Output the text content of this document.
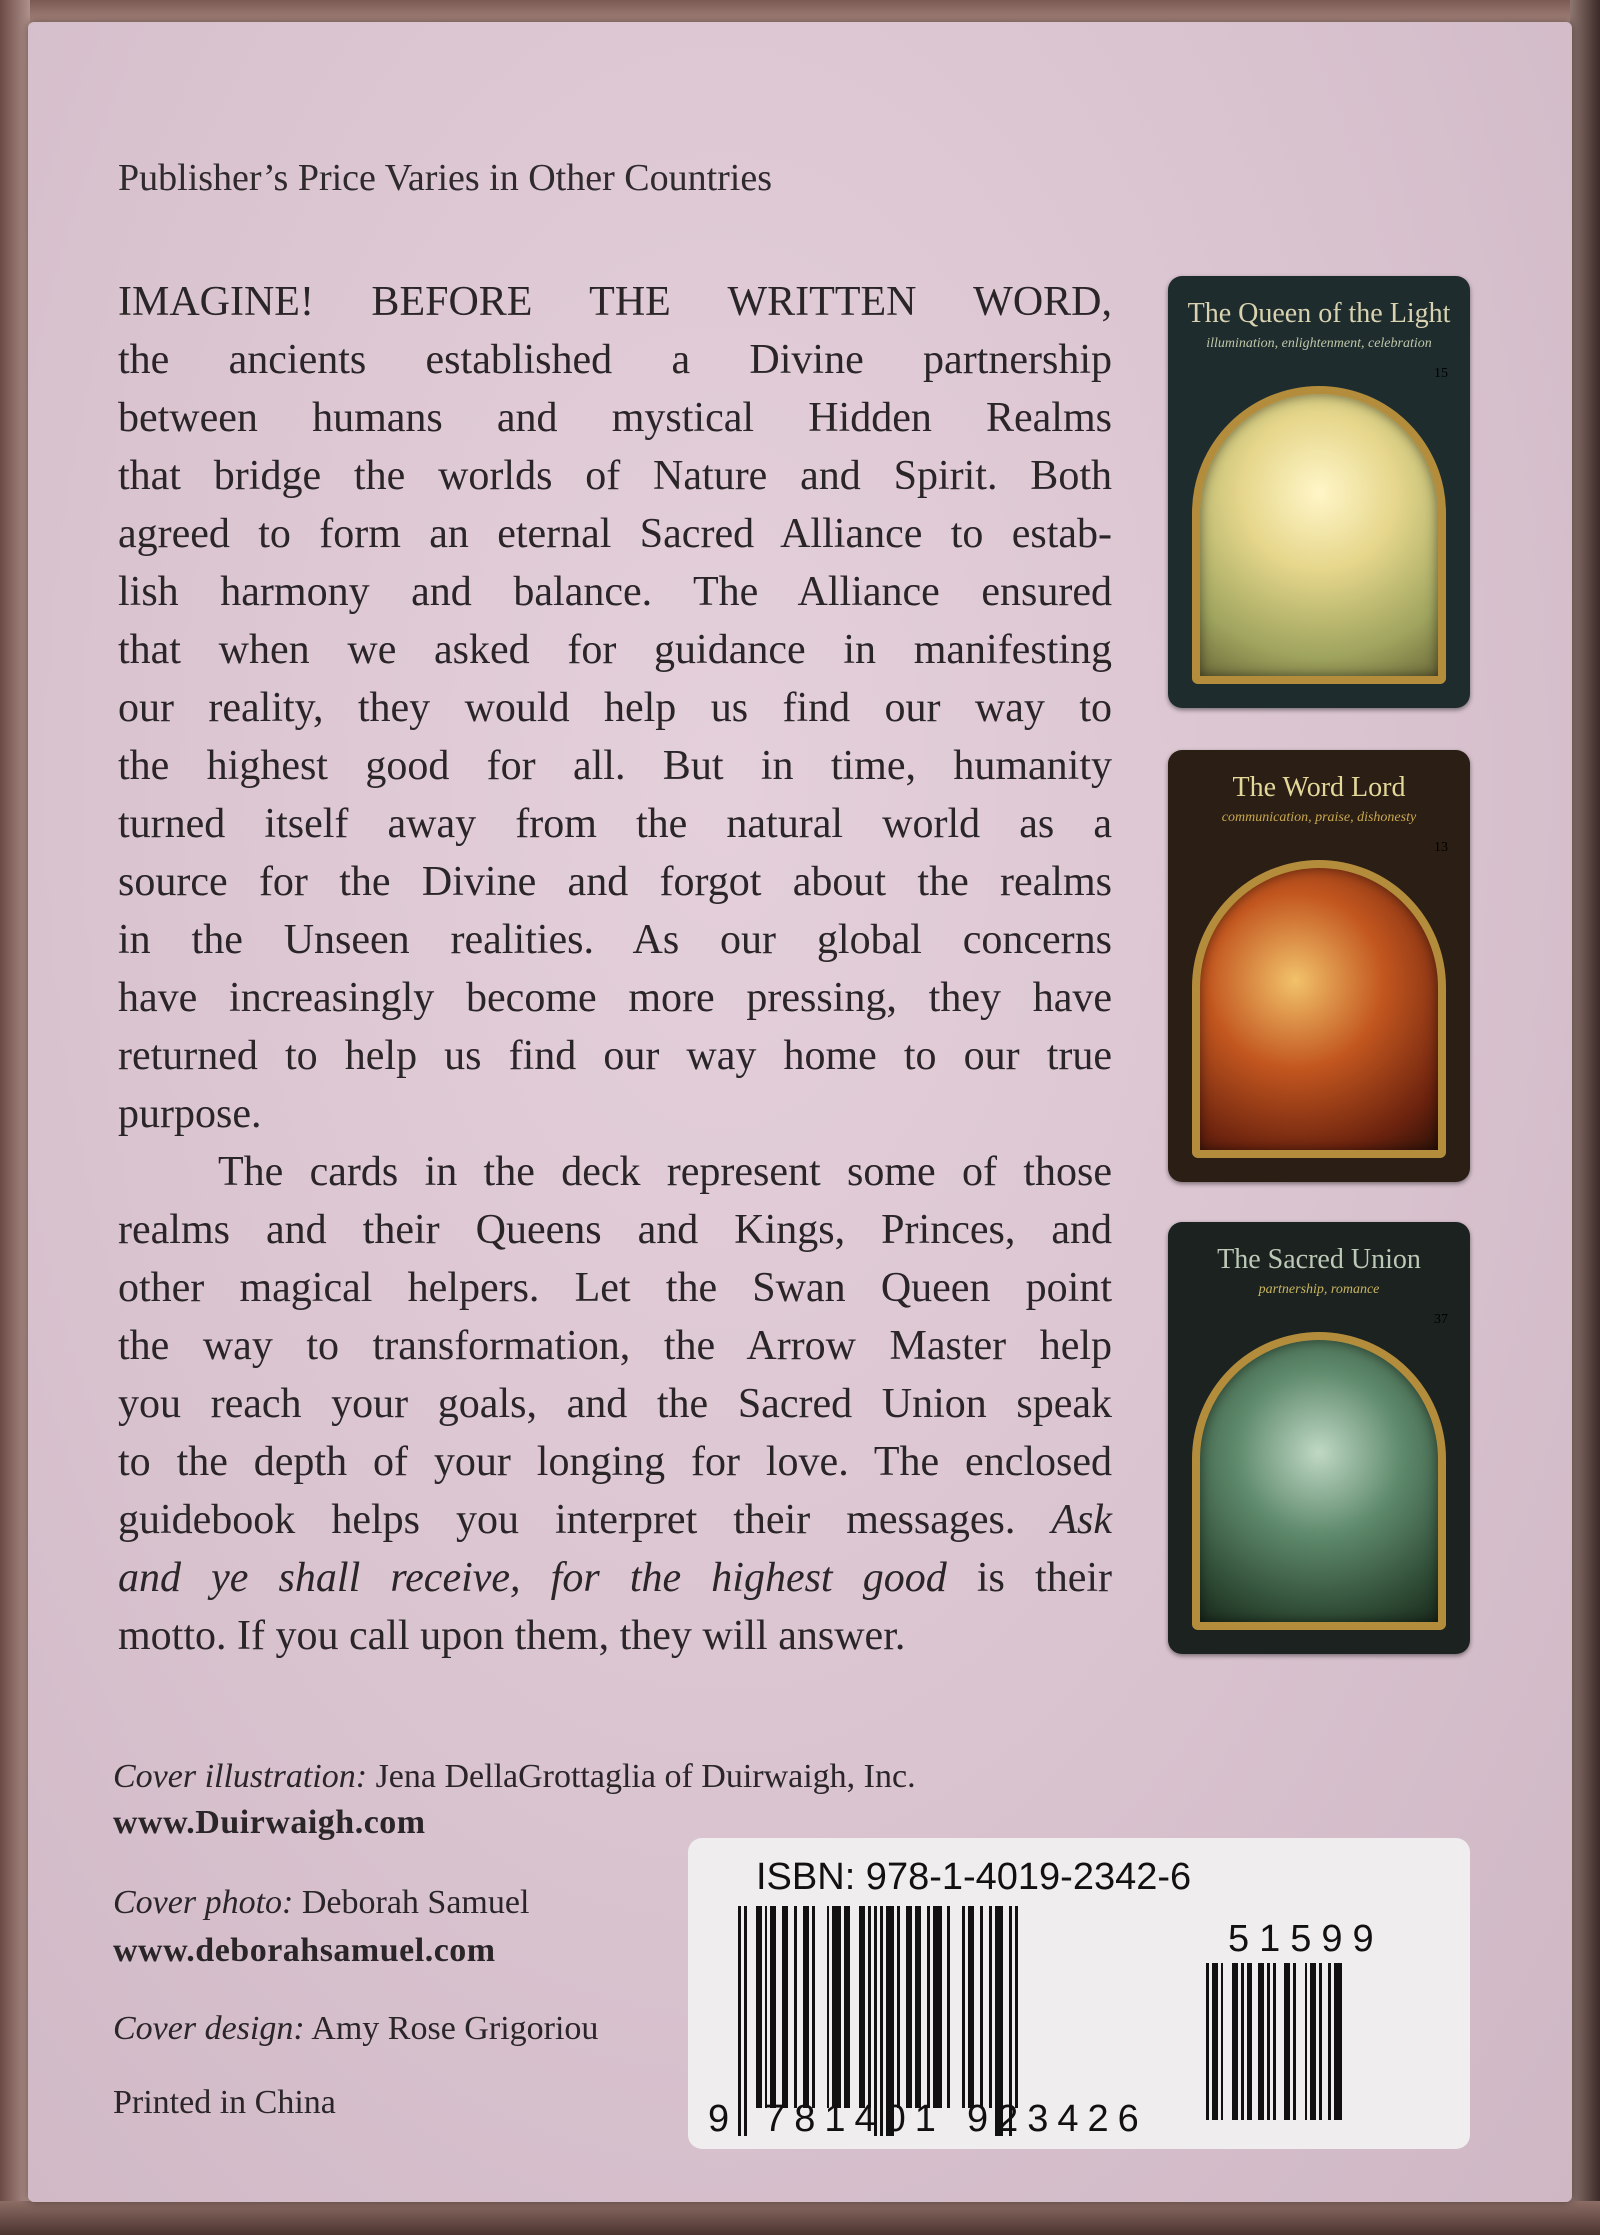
Publisher’s Price Varies in Other Countries
IMAGINE! BEFORE THE WRITTEN WORD,
the ancients established a Divine partnership
between humans and mystical Hidden Realms
that bridge the worlds of Nature and Spirit. Both
agreed to form an eternal Sacred Alliance to estab-
lish harmony and balance. The Alliance ensured
that when we asked for guidance in manifesting
our reality, they would help us find our way to
the highest good for all. But in time, humanity
turned itself away from the natural world as a
source for the Divine and forgot about the realms
in the Unseen realities. As our global concerns
have increasingly become more pressing, they have
returned to help us find our way home to our true
purpose.
The cards in the deck represent some of those
realms and their Queens and Kings, Princes, and
other magical helpers. Let the Swan Queen point
the way to transformation, the Arrow Master help
you reach your goals, and the Sacred Union speak
to the depth of your longing for love. The enclosed
guidebook helps you interpret their messages. Ask
and ye shall receive, for the highest good is their
motto. If you call upon them, they will answer.
The Queen of the Light
illumination, enlightenment, celebration
15
The Word Lord
communication, praise, dishonesty
13
The Sacred Union
partnership, romance
37
Cover illustration: Jena DellaGrottaglia of Duirwaigh, Inc.
www.Duirwaigh.com
Cover photo: Deborah Samuel
www.deborahsamuel.com
Cover design: Amy Rose Grigoriou
Printed in China
ISBN: 978-1-4019-2342-6
51599
9 781401 923426
